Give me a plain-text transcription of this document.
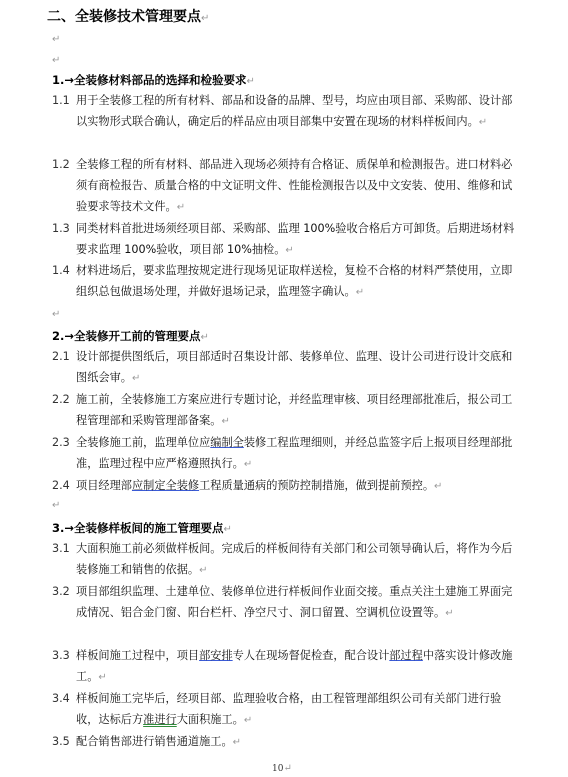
二、全装修技术管理要点↵
↵
↵
1.→全装修材料部品的选择和检验要求↵
1.1 用于全装修工程的所有材料、部品和设备的品牌、型号，均应由项目部、采购部、设计部以实物形式联合确认，确定后的样品应由项目部集中安置在现场的材料样板间内。↵
1.2 全装修工程的所有材料、部品进入现场必须持有合格证、质保单和检测报告。进口材料必须有商检报告、质量合格的中文证明文件、性能检测报告以及中文安装、使用、维修和试验要求等技术文件。↵
1.3 同类材料首批进场须经项目部、采购部、监理 100%验收合格后方可卸货。后期进场材料要求监理 100%验收，项目部 10%抽检。↵
1.4 材料进场后，要求监理按规定进行现场见证取样送检，复检不合格的材料严禁使用，立即组织总包做退场处理，并做好退场记录，监理签字确认。↵
↵
2.→全装修开工前的管理要点↵
2.1 设计部提供图纸后，项目部适时召集设计部、装修单位、监理、设计公司进行设计交底和图纸会审。↵
2.2 施工前，全装修施工方案应进行专题讨论，并经监理审核、项目经理部批准后，报公司工程管理部和采购管理部备案。↵
2.3 全装修施工前，监理单位应编制全装修工程监理细则，并经总监签字后上报项目经理部批准，监理过程中应严格遵照执行。↵
2.4 项目经理部应制定全装修工程质量通病的预防控制措施，做到提前预控。↵
↵
3.→全装修样板间的施工管理要点↵
3.1 大面积施工前必须做样板间。完成后的样板间待有关部门和公司领导确认后，将作为今后装修施工和销售的依据。↵
3.2 项目部组织监理、土建单位、装修单位进行样板间作业面交接。重点关注土建施工界面完成情况、铝合金门窗、阳台栏杆、净空尺寸、洞口留置、空调机位设置等。↵
3.3 样板间施工过程中，项目部安排专人在现场督促检查，配合设计部过程中落实设计修改施工。↵
3.4 样板间施工完毕后，经项目部、监理验收合格，由工程管理部组织公司有关部门进行验收，达标后方准进行大面积施工。↵
3.5 配合销售部进行销售通道施工。↵
10↵
